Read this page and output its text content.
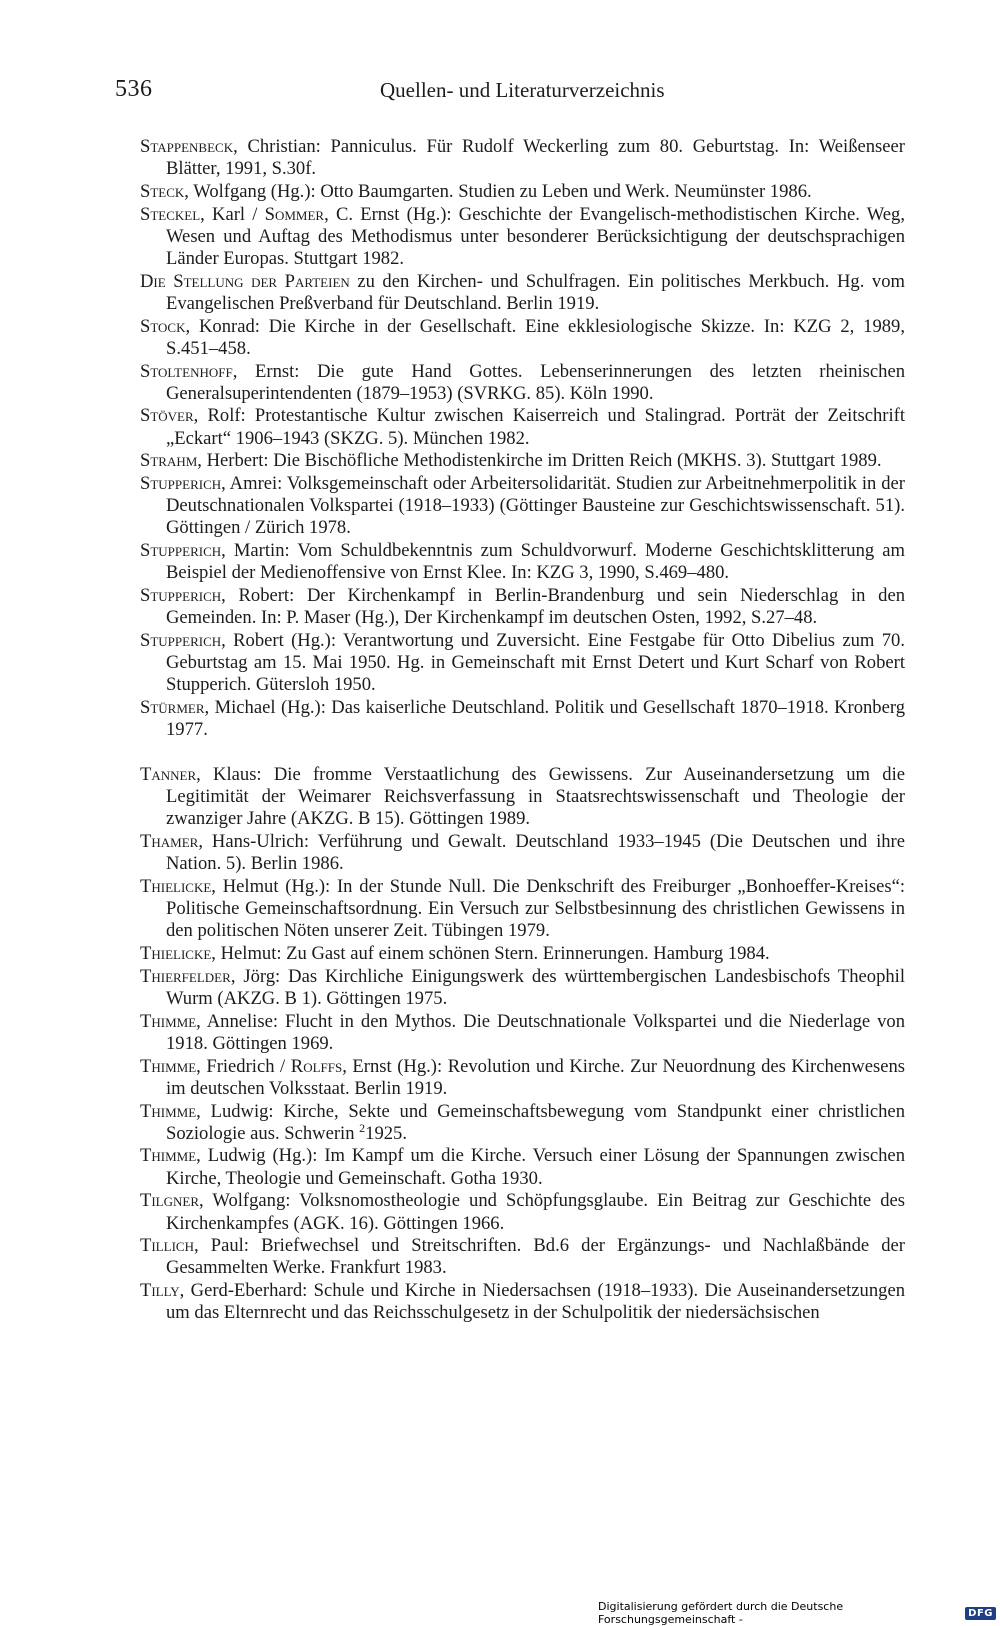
536	Quellen- und Literaturverzeichnis

Stappenbeck, Christian: Panniculus. Für Rudolf Weckerling zum 80. Geburtstag. In: Weißenseer Blätter, 1991, S.30f.

Steck, Wolfgang (Hg.): Otto Baumgarten. Studien zu Leben und Werk. Neumünster 1986.

Steckel, Karl / Sommer, C. Ernst (Hg.): Geschichte der Evangelisch-methodistischen Kirche. Weg, Wesen und Auftag des Methodismus unter besonderer Berücksichtigung der deutschsprachigen Länder Europas. Stuttgart 1982.

Die Stellung der Parteien zu den Kirchen- und Schulfragen. Ein politisches Merkbuch. Hg. vom Evangelischen Preßverband für Deutschland. Berlin 1919.

Stock, Konrad: Die Kirche in der Gesellschaft. Eine ekklesiologische Skizze. In: KZG 2, 1989, S.451–458.

Stoltenhoff, Ernst: Die gute Hand Gottes. Lebenserinnerungen des letzten rheinischen Generalsuperintendenten (1879–1953) (SVRKG. 85). Köln 1990.

Stöver, Rolf: Protestantische Kultur zwischen Kaiserreich und Stalingrad. Porträt der Zeitschrift „Eckart“ 1906–1943 (SKZG. 5). München 1982.

Strahm, Herbert: Die Bischöfliche Methodistenkirche im Dritten Reich (MKHS. 3). Stuttgart 1989.

Stupperich, Amrei: Volksgemeinschaft oder Arbeitersolidarität. Studien zur Arbeitnehmerpolitik in der Deutschnationalen Volkspartei (1918–1933) (Göttinger Bausteine zur Geschichtswissenschaft. 51). Göttingen / Zürich 1978.

Stupperich, Martin: Vom Schuldbekenntnis zum Schuldvorwurf. Moderne Geschichtsklitterung am Beispiel der Medienoffensive von Ernst Klee. In: KZG 3, 1990, S.469–480.

Stupperich, Robert: Der Kirchenkampf in Berlin-Brandenburg und sein Niederschlag in den Gemeinden. In: P. Maser (Hg.), Der Kirchenkampf im deutschen Osten, 1992, S.27–48.

Stupperich, Robert (Hg.): Verantwortung und Zuversicht. Eine Festgabe für Otto Dibelius zum 70. Geburtstag am 15. Mai 1950. Hg. in Gemeinschaft mit Ernst Detert und Kurt Scharf von Robert Stupperich. Gütersloh 1950.

Stürmer, Michael (Hg.): Das kaiserliche Deutschland. Politik und Gesellschaft 1870–1918. Kronberg 1977.

Tanner, Klaus: Die fromme Verstaatlichung des Gewissens. Zur Auseinandersetzung um die Legitimität der Weimarer Reichsverfassung in Staatsrechtswissenschaft und Theologie der zwanziger Jahre (AKZG. B 15). Göttingen 1989.

Thamer, Hans-Ulrich: Verführung und Gewalt. Deutschland 1933–1945 (Die Deutschen und ihre Nation. 5). Berlin 1986.

Thielicke, Helmut (Hg.): In der Stunde Null. Die Denkschrift des Freiburger „Bonhoeffer-Kreises“: Politische Gemeinschaftsordnung. Ein Versuch zur Selbstbesinnung des christlichen Gewissens in den politischen Nöten unserer Zeit. Tübingen 1979.

Thielicke, Helmut: Zu Gast auf einem schönen Stern. Erinnerungen. Hamburg 1984.

Thierfelder, Jörg: Das Kirchliche Einigungswerk des württembergischen Landesbischofs Theophil Wurm (AKZG. B 1). Göttingen 1975.

Thimme, Annelise: Flucht in den Mythos. Die Deutschnationale Volkspartei und die Niederlage von 1918. Göttingen 1969.

Thimme, Friedrich / Rolffs, Ernst (Hg.): Revolution und Kirche. Zur Neuordnung des Kirchenwesens im deutschen Volksstaat. Berlin 1919.

Thimme, Ludwig: Kirche, Sekte und Gemeinschaftsbewegung vom Standpunkt einer christlichen Soziologie aus. Schwerin $^2$1925.

Thimme, Ludwig (Hg.): Im Kampf um die Kirche. Versuch einer Lösung der Spannungen zwischen Kirche, Theologie und Gemeinschaft. Gotha 1930.

Tilgner, Wolfgang: Volksnomostheologie und Schöpfungsglaube. Ein Beitrag zur Geschichte des Kirchenkampfes (AGK. 16). Göttingen 1966.

Tillich, Paul: Briefwechsel und Streitschriften. Bd.6 der Ergänzungs- und Nachlaßbände der Gesammelten Werke. Frankfurt 1983.

Tilly, Gerd-Eberhard: Schule und Kirche in Niedersachsen (1918–1933). Die Auseinandersetzungen um das Elternrecht und das Reichsschulgesetz in der Schulpolitik der niedersächsischen

Digitalisierung gefördert durch die Deutsche Forschungsgemeinschaft -	DFG
